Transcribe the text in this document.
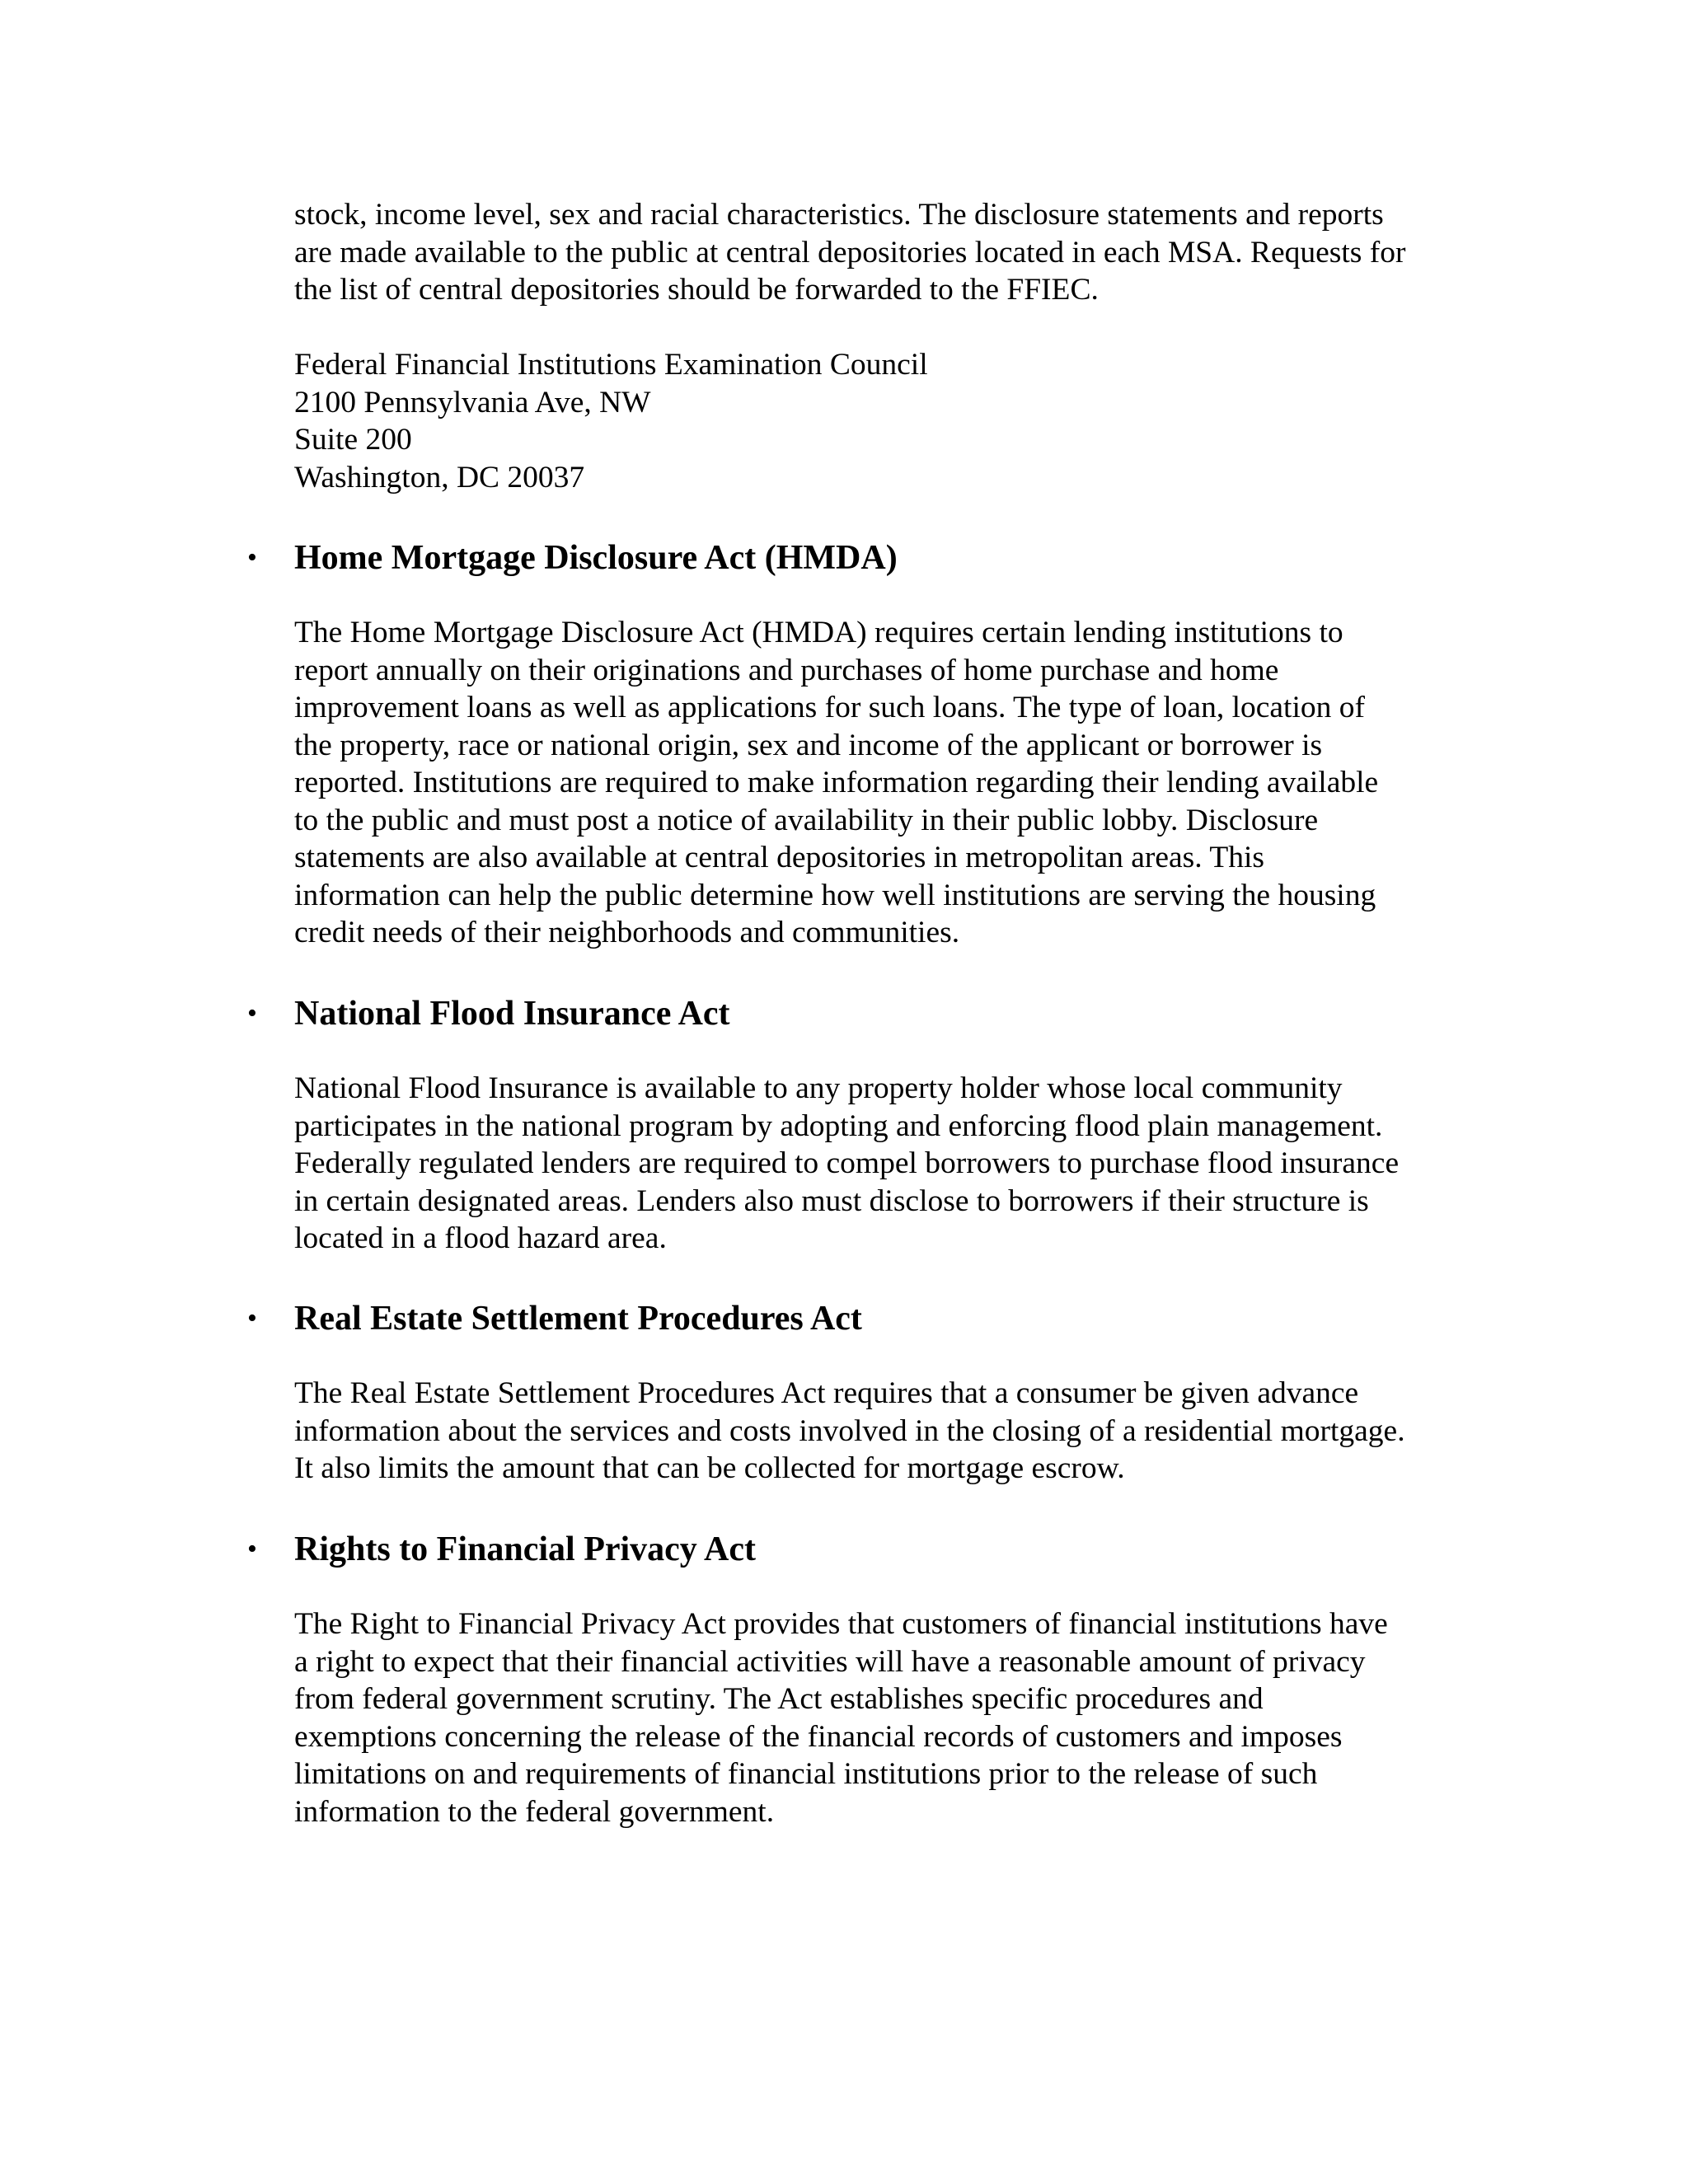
stock, income level, sex and racial characteristics. The disclosure statements and reports
are made available to the public at central depositories located in each MSA. Requests for
the list of central depositories should be forwarded to the FFIEC.

Federal Financial Institutions Examination Council
2100 Pennsylvania Ave, NW
Suite 200
Washington, DC 20037

• Home Mortgage Disclosure Act (HMDA)

The Home Mortgage Disclosure Act (HMDA) requires certain lending institutions to
report annually on their originations and purchases of home purchase and home
improvement loans as well as applications for such loans. The type of loan, location of
the property, race or national origin, sex and income of the applicant or borrower is
reported. Institutions are required to make information regarding their lending available
to the public and must post a notice of availability in their public lobby. Disclosure
statements are also available at central depositories in metropolitan areas. This
information can help the public determine how well institutions are serving the housing
credit needs of their neighborhoods and communities.

• National Flood Insurance Act

National Flood Insurance is available to any property holder whose local community
participates in the national program by adopting and enforcing flood plain management.
Federally regulated lenders are required to compel borrowers to purchase flood insurance
in certain designated areas. Lenders also must disclose to borrowers if their structure is
located in a flood hazard area.

• Real Estate Settlement Procedures Act

The Real Estate Settlement Procedures Act requires that a consumer be given advance
information about the services and costs involved in the closing of a residential mortgage.
It also limits the amount that can be collected for mortgage escrow.

• Rights to Financial Privacy Act

The Right to Financial Privacy Act provides that customers of financial institutions have
a right to expect that their financial activities will have a reasonable amount of privacy
from federal government scrutiny. The Act establishes specific procedures and
exemptions concerning the release of the financial records of customers and imposes
limitations on and requirements of financial institutions prior to the release of such
information to the federal government.
